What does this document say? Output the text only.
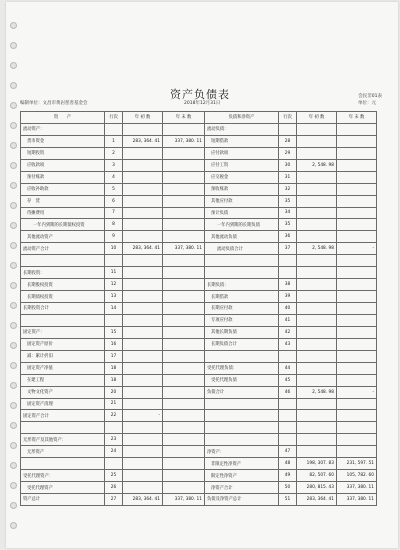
资产负债表	会民非01表
编制单位：文昌市黄岩慈善基金会	2018年12月31日	单位：元
资　　产	行次	年 初 数	年 末 数	负债和净资产	行次	年 初 数	年 末 数
流动资产：				流动负债：			
货币资金	1	283, 364. 41	337, 380. 11	短期借款	28		
短期投资	2			应付款项	29		
应收款项	3			应付工资	30	2, 548. 98	
预付账款	4			应交税金	31		
应收补助款	5			预收账款	32		
存　货	6			其他应付款	35		
待摊费用	7			预计负债	34		
一年内到期的长期债权投资	8			一年内到期的长期负债	35		
其他流动资产	9			其他流动负债	36		
流动资产合计	10	283, 364. 41	337, 380. 11	流动负债合计	37	2, 548. 98	-

长期投资：	11						
长期股权投资	12			长期负债：	38		
长期债权投资	13			长期借款	39		
长期投资合计	14			长期应付款	40		
				专项应付款	41		
固定资产：	15			其他长期负债	42		
固定资产原价	16			长期负债合计	43		
减：累计折旧	17						
固定资产净值	18			受托代理负债：	44		
在建工程	18			受托代理负债	45		
文物文化资产	20			负债合计	46	2, 548. 98	-
固定资产清理	21						
固定资产合计	22	-					

无形资产及其他资产：	23						
无形资产	24			净资产：	47		
				非限定性净资产	48	198, 307. 83	231, 597. 51
受托代理资产：	25			限定性净资产	49	82, 507. 60	105, 782. 60
受托代理资产	26			净资产合计	50	280, 815. 43	337, 380. 11
资产总计	27	283, 364. 41	337, 380. 11	负债及净资产总计	51	283, 364. 41	337, 380. 11
